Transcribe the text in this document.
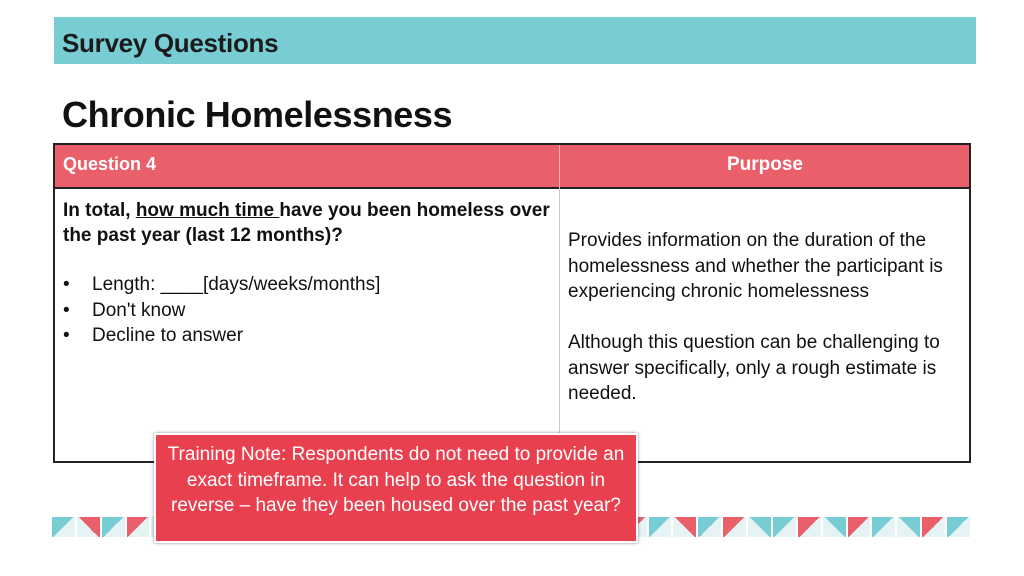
Survey Questions
Chronic Homelessness
Question 4	Purpose
In total, how much time have you been homeless over the past year (last 12 months)?
• Length: ____[days/weeks/months]
• Don't know
• Decline to answer

Provides information on the duration of the homelessness and whether the participant is experiencing chronic homelessness

Although this question can be challenging to answer specifically, only a rough estimate is needed.

Training Note: Respondents do not need to provide an exact timeframe. It can help to ask the question in reverse – have they been housed over the past year?
